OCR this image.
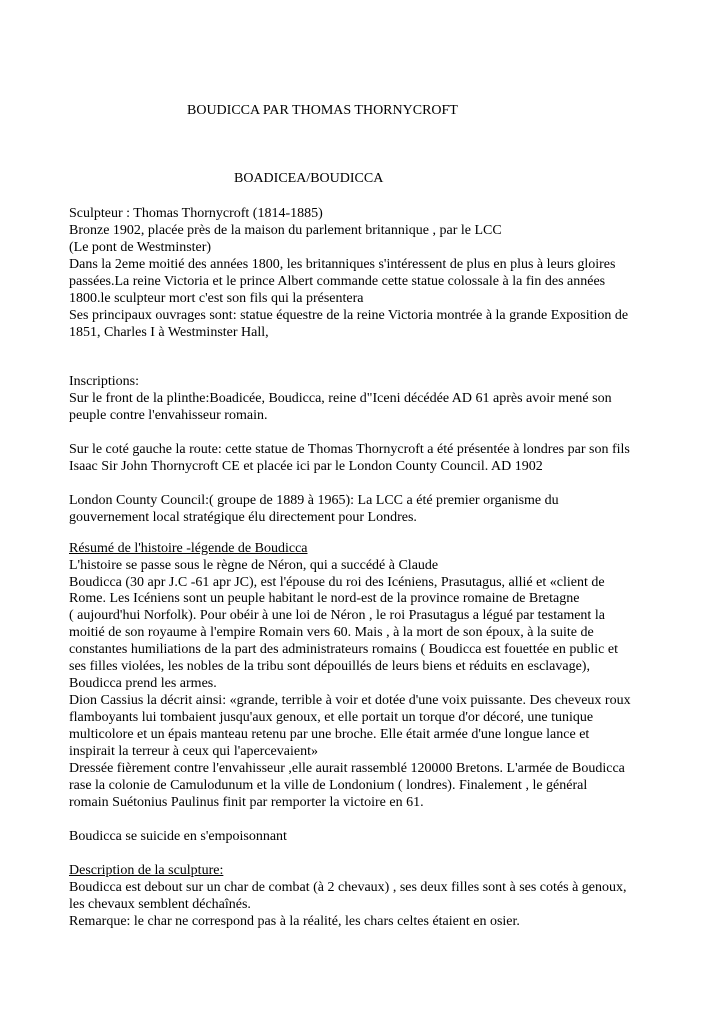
BOUDICCA PAR THOMAS THORNYCROFT

BOADICEA/BOUDICCA

Sculpteur : Thomas Thornycroft (1814-1885)

Bronze 1902, placée près de la maison du parlement britannique , par le LCC

(Le pont de Westminster)

Dans la 2eme moitié des années 1800, les britanniques s'intéressent de plus en plus à leurs gloires

passées.La reine Victoria et le prince Albert commande cette statue colossale à la fin des années

1800.le sculpteur mort c'est son fils qui la présentera

Ses principaux ouvrages sont: statue équestre de la reine Victoria montrée à la grande Exposition de

1851, Charles I à Westminster Hall,

Inscriptions:

Sur le front de la plinthe:Boadicée, Boudicca, reine d"Iceni décédée AD 61 après avoir mené son

peuple contre l'envahisseur romain.

Sur le coté gauche la route: cette statue de Thomas Thornycroft a été présentée à londres par son fils

Isaac Sir John Thornycroft CE et placée ici par le London County Council. AD 1902

London County Council:( groupe de 1889 à 1965): La LCC a été premier organisme du

gouvernement local stratégique élu directement pour Londres.

Résumé de l'histoire -légende de Boudicca

L'histoire se passe sous le règne de Néron, qui a succédé à Claude

Boudicca (30 apr J.C -61 apr JC), est l'épouse du roi des Icéniens, Prasutagus, allié et «client de

Rome. Les Icéniens sont un peuple habitant le nord-est de la province romaine de Bretagne

( aujourd'hui Norfolk). Pour obéir à une loi de Néron , le roi Prasutagus a légué par testament la

moitié de son royaume à l'empire Romain vers 60. Mais , à la mort de son époux, à la suite de

constantes humiliations de la part des administrateurs romains ( Boudicca est fouettée en public et

ses filles violées, les nobles de la tribu sont dépouillés de leurs biens et réduits en esclavage),

Boudicca prend les armes.

Dion Cassius la décrit ainsi: «grande, terrible à voir et dotée d'une voix puissante. Des cheveux roux

flamboyants lui tombaient jusqu'aux genoux, et elle portait un torque d'or décoré, une tunique

multicolore et un épais manteau retenu par une broche. Elle était armée d'une longue lance et

inspirait la terreur à ceux qui l'apercevaient»

Dressée fièrement contre l'envahisseur ,elle aurait rassemblé 120000 Bretons. L'armée de Boudicca

rase la colonie de Camulodunum et la ville de Londonium ( londres). Finalement , le général

romain Suétonius Paulinus finit par remporter la victoire en 61.

Boudicca se suicide en s'empoisonnant

Description de la sculpture:

Boudicca est debout sur un char de combat (à 2 chevaux) , ses deux filles sont à ses cotés à genoux,

les chevaux semblent déchaînés.

Remarque: le char ne correspond pas à la réalité, les chars celtes étaient en osier.
